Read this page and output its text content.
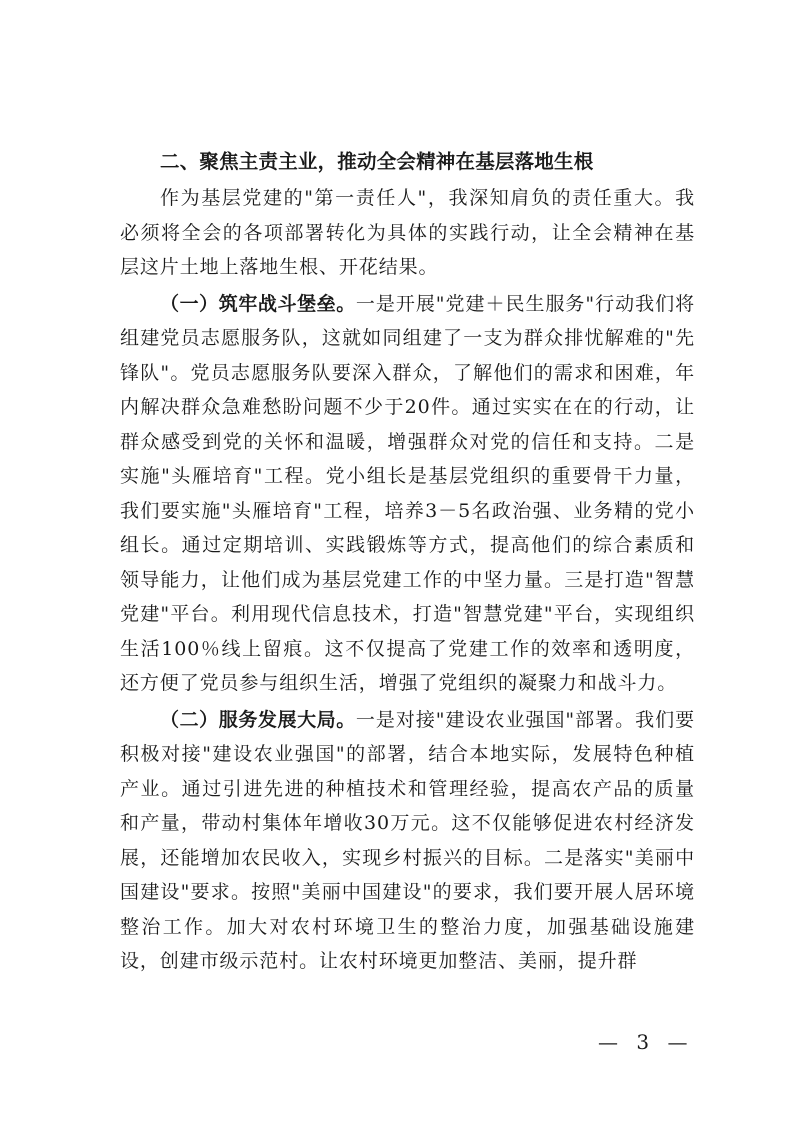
二、聚焦主责主业，推动全会精神在基层落地生根

作为基层党建的"第一责任人"，我深知肩负的责任重大。我必须将全会的各项部署转化为具体的实践行动，让全会精神在基层这片土地上落地生根、开花结果。

（一）筑牢战斗堡垒。一是开展"党建＋民生服务"行动我们将组建党员志愿服务队，这就如同组建了一支为群众排忧解难的"先锋队"。党员志愿服务队要深入群众，了解他们的需求和困难，年内解决群众急难愁盼问题不少于20件。通过实实在在的行动，让群众感受到党的关怀和温暖，增强群众对党的信任和支持。二是实施"头雁培育"工程。党小组长是基层党组织的重要骨干力量，我们要实施"头雁培育"工程，培养3－5名政治强、业务精的党小组长。通过定期培训、实践锻炼等方式，提高他们的综合素质和领导能力，让他们成为基层党建工作的中坚力量。三是打造"智慧党建"平台。利用现代信息技术，打造"智慧党建"平台，实现组织生活100％线上留痕。这不仅提高了党建工作的效率和透明度，还方便了党员参与组织生活，增强了党组织的凝聚力和战斗力。

（二）服务发展大局。一是对接"建设农业强国"部署。我们要积极对接"建设农业强国"的部署，结合本地实际，发展特色种植产业。通过引进先进的种植技术和管理经验，提高农产品的质量和产量，带动村集体年增收30万元。这不仅能够促进农村经济发展，还能增加农民收入，实现乡村振兴的目标。二是落实"美丽中国建设"要求。按照"美丽中国建设"的要求，我们要开展人居环境整治工作。加大对农村环境卫生的整治力度，加强基础设施建设，创建市级示范村。让农村环境更加整洁、美丽，提升群

— 3 —
